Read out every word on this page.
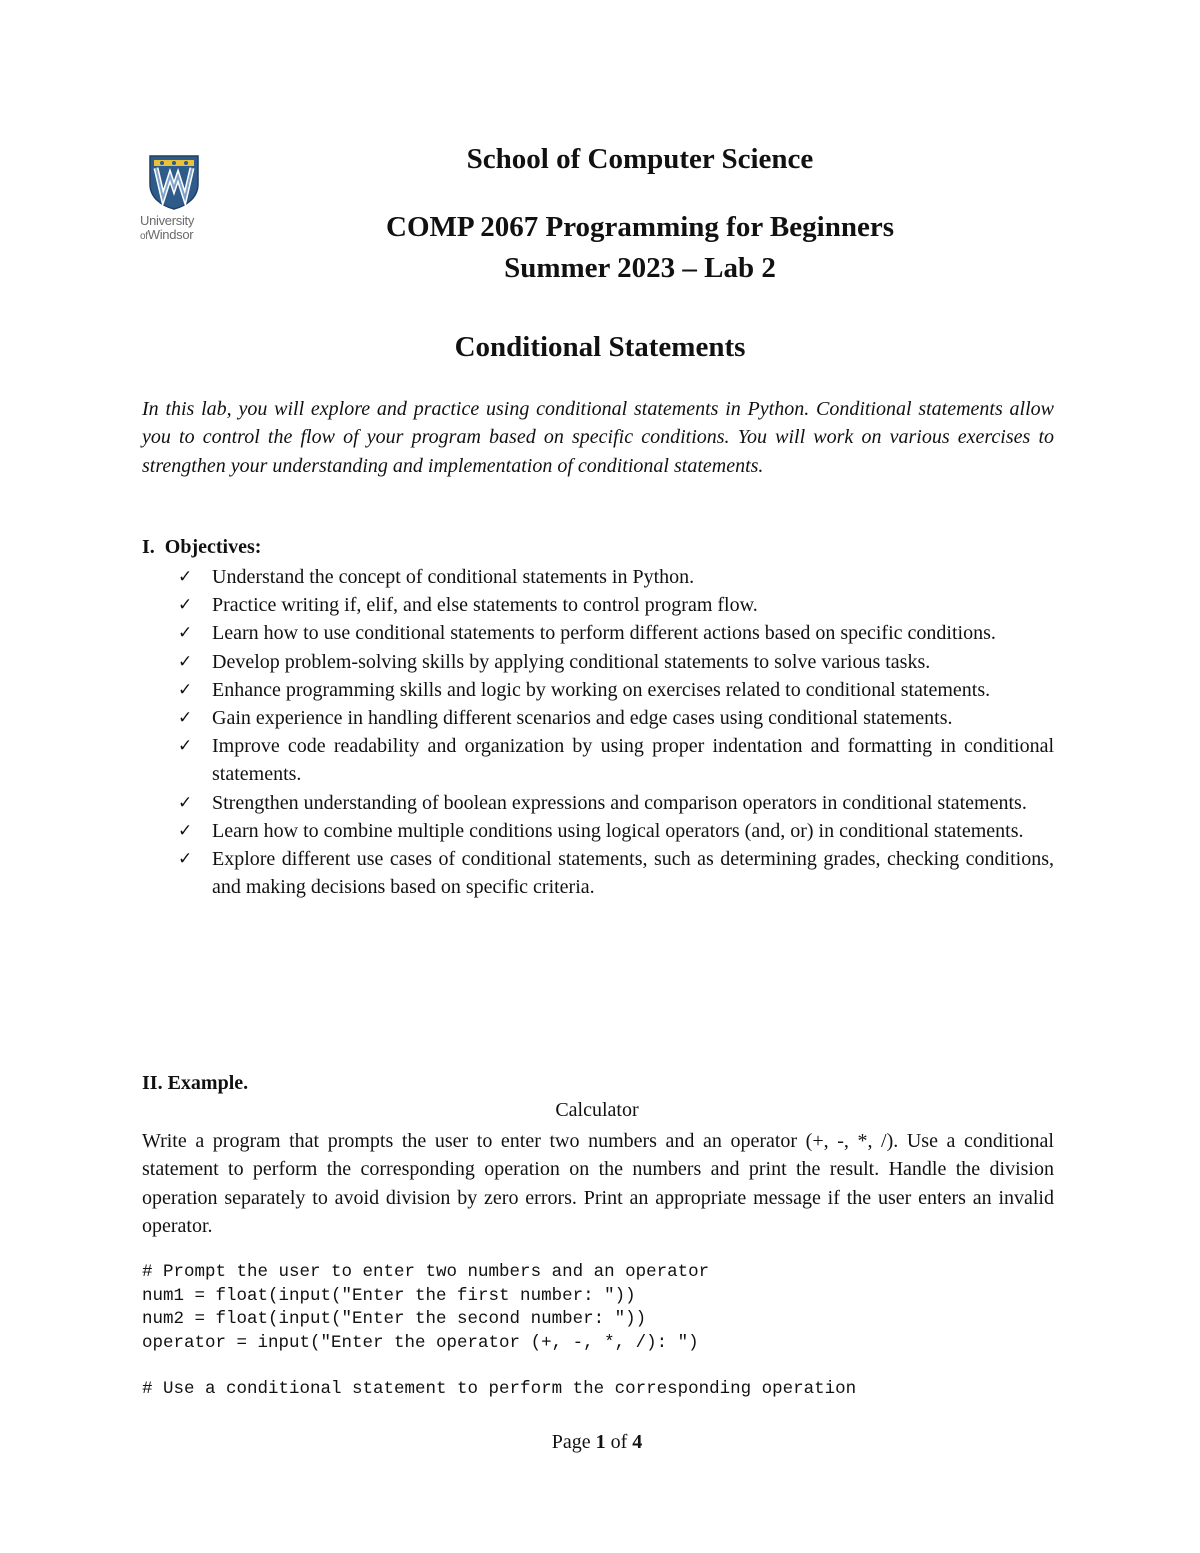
University
ofWindsor
School of Computer Science
COMP 2067 Programming for Beginners
Summer 2023 – Lab 2
Conditional Statements
In this lab, you will explore and practice using conditional statements in Python. Conditional statements allow you to control the flow of your program based on specific conditions. You will work on various exercises to strengthen your understanding and implementation of conditional statements.
I.  Objectives:
✓ Understand the concept of conditional statements in Python.
✓ Practice writing if, elif, and else statements to control program flow.
✓ Learn how to use conditional statements to perform different actions based on specific conditions.
✓ Develop problem-solving skills by applying conditional statements to solve various tasks.
✓ Enhance programming skills and logic by working on exercises related to conditional statements.
✓ Gain experience in handling different scenarios and edge cases using conditional statements.
✓ Improve code readability and organization by using proper indentation and formatting in conditional statements.
✓ Strengthen understanding of boolean expressions and comparison operators in conditional statements.
✓ Learn how to combine multiple conditions using logical operators (and, or) in conditional statements.
✓ Explore different use cases of conditional statements, such as determining grades, checking conditions, and making decisions based on specific criteria.
II. Example.
Calculator
Write a program that prompts the user to enter two numbers and an operator (+, -, *, /). Use a conditional statement to perform the corresponding operation on the numbers and print the result. Handle the division operation separately to avoid division by zero errors. Print an appropriate message if the user enters an invalid operator.
# Prompt the user to enter two numbers and an operator
num1 = float(input("Enter the first number: "))
num2 = float(input("Enter the second number: "))
operator = input("Enter the operator (+, -, *, /): ")
# Use a conditional statement to perform the corresponding operation
Page 1 of 4
